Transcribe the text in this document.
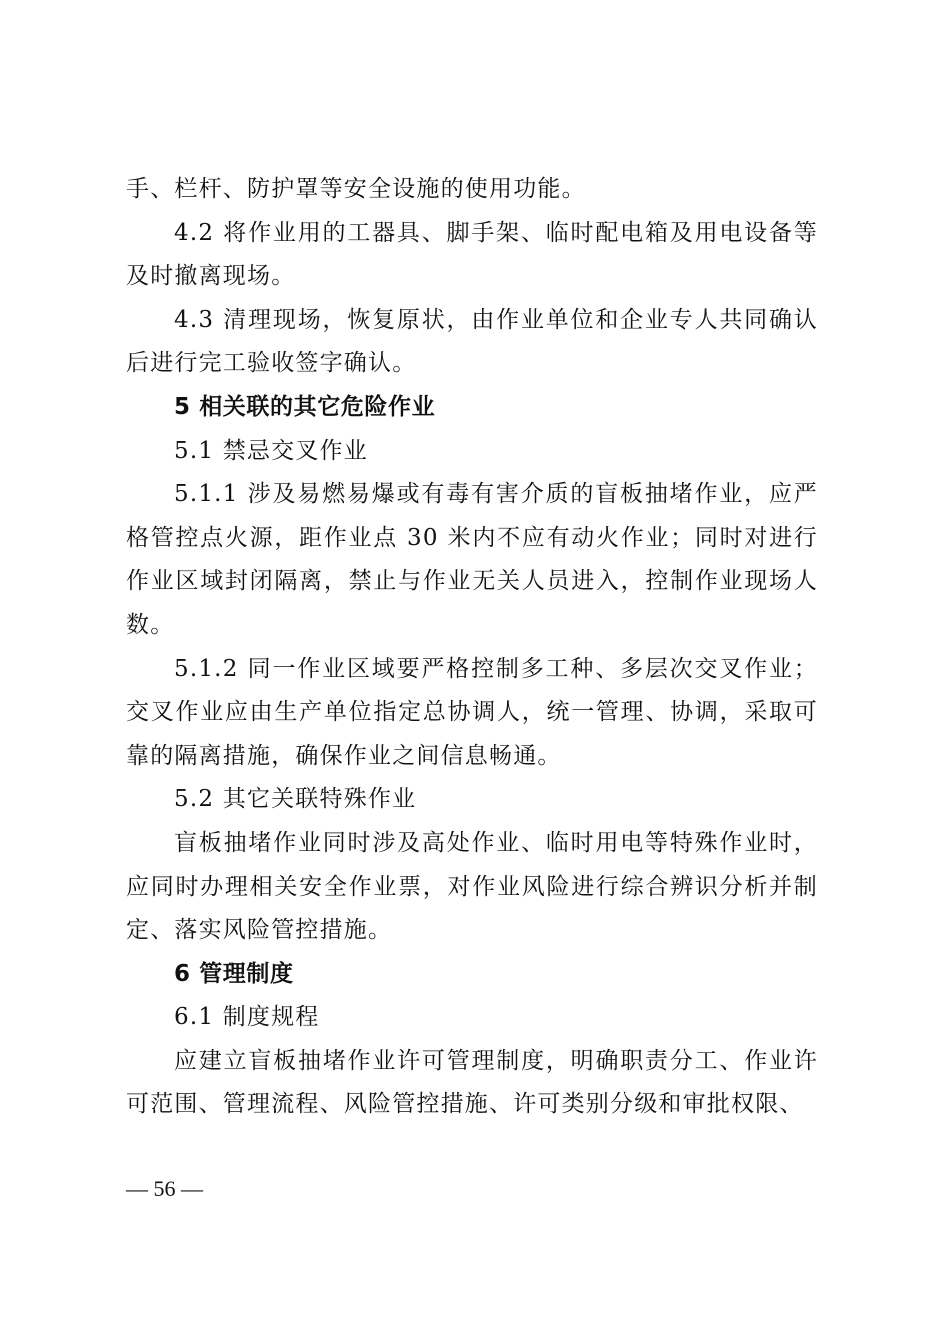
手、栏杆、防护罩等安全设施的使用功能。

4.2 将作业用的工器具、脚手架、临时配电箱及用电设备等及时撤离现场。

4.3 清理现场，恢复原状，由作业单位和企业专人共同确认后进行完工验收签字确认。

5 相关联的其它危险作业

5.1 禁忌交叉作业

5.1.1 涉及易燃易爆或有毒有害介质的盲板抽堵作业，应严格管控点火源，距作业点 30 米内不应有动火作业；同时对进行作业区域封闭隔离，禁止与作业无关人员进入，控制作业现场人数。

5.1.2 同一作业区域要严格控制多工种、多层次交叉作业；交叉作业应由生产单位指定总协调人，统一管理、协调，采取可靠的隔离措施，确保作业之间信息畅通。

5.2 其它关联特殊作业

盲板抽堵作业同时涉及高处作业、临时用电等特殊作业时，应同时办理相关安全作业票，对作业风险进行综合辨识分析并制定、落实风险管控措施。

6 管理制度

6.1 制度规程

应建立盲板抽堵作业许可管理制度，明确职责分工、作业许可范围、管理流程、风险管控措施、许可类别分级和审批权限、

— 56 —
